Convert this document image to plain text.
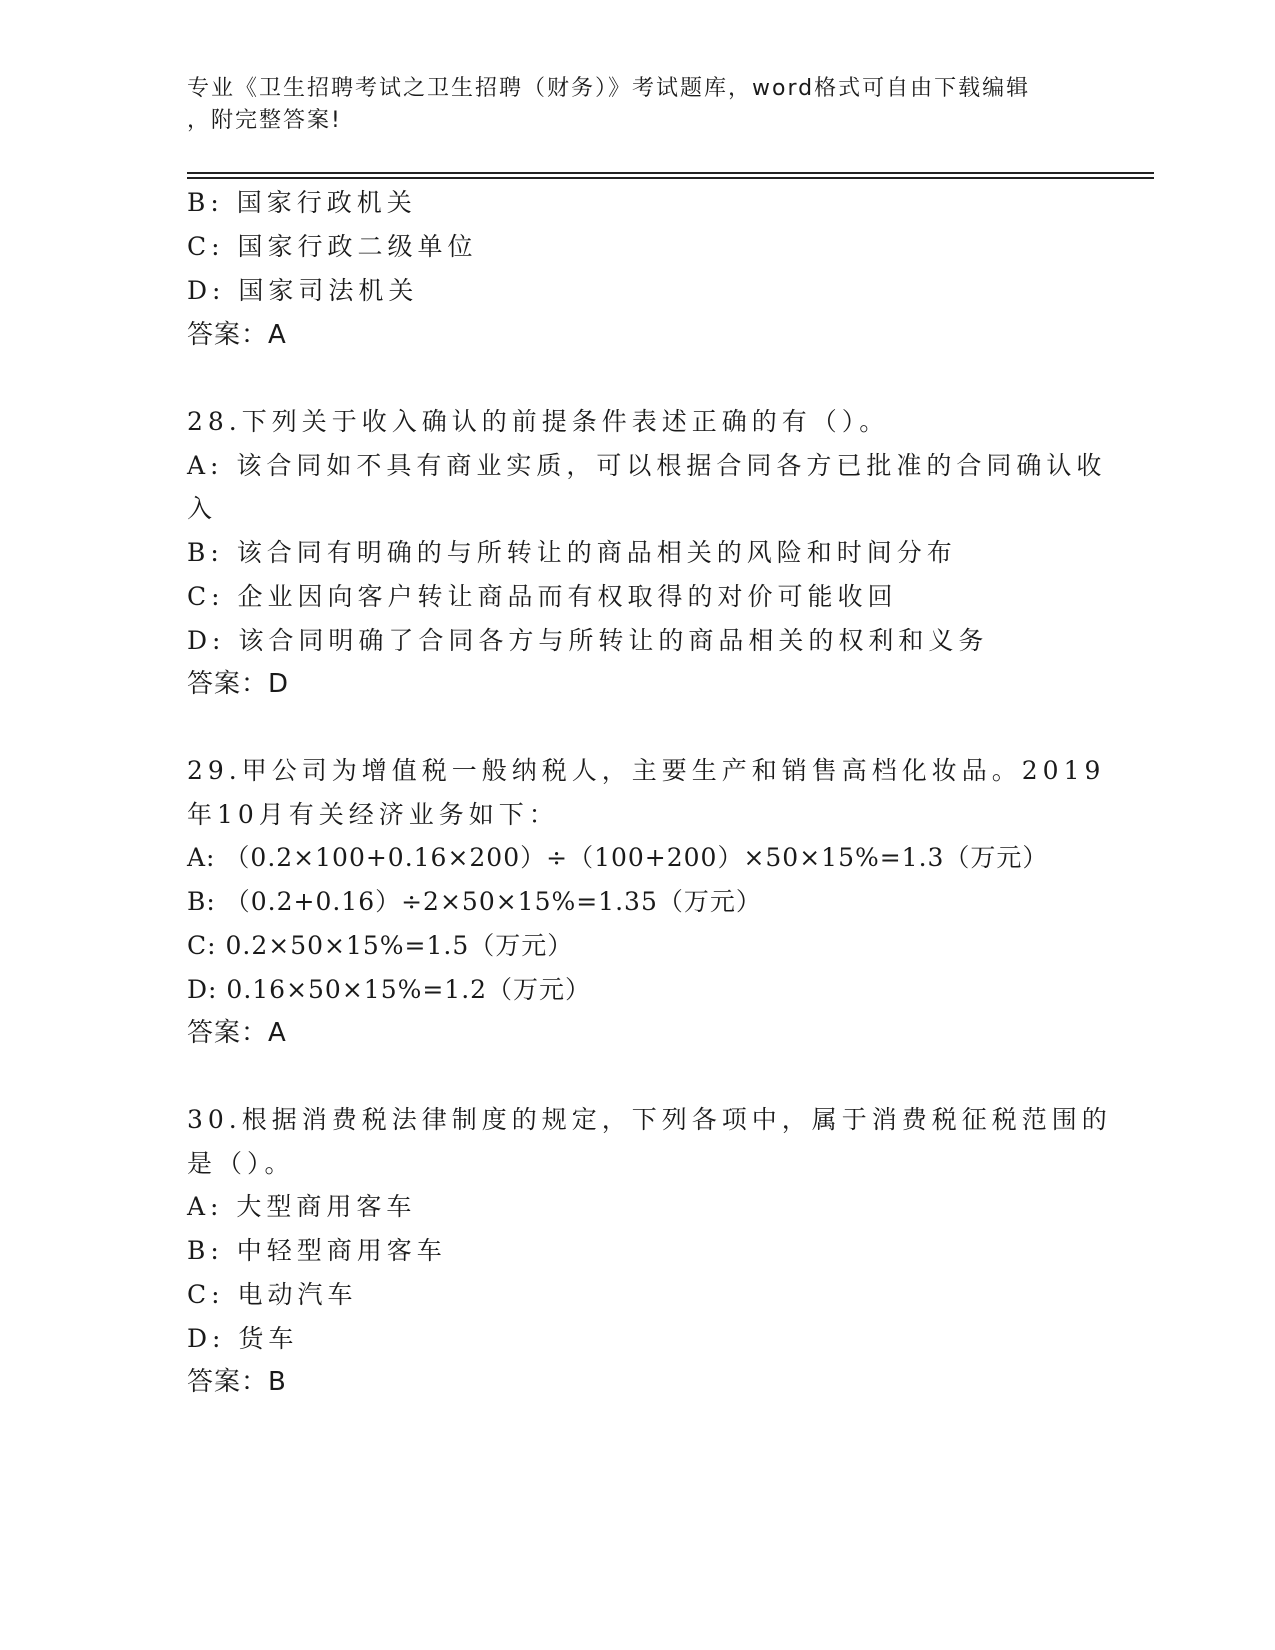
专业《卫生招聘考试之卫生招聘（财务）》考试题库，word格式可自由下载编辑
，附完整答案!
B: 国家行政机关
C: 国家行政二级单位
D: 国家司法机关
答案：A
28.下列关于收入确认的前提条件表述正确的有（）。
A: 该合同如不具有商业实质，可以根据合同各方已批准的合同确认收
入
B: 该合同有明确的与所转让的商品相关的风险和时间分布
C: 企业因向客户转让商品而有权取得的对价可能收回
D: 该合同明确了合同各方与所转让的商品相关的权利和义务
答案：D
29.甲公司为增值税一般纳税人，主要生产和销售高档化妆品。2019
年10月有关经济业务如下：
A: （0.2×100+0.16×200）÷（100+200）×50×15%=1.3（万元）
B: （0.2+0.16）÷2×50×15%=1.35（万元）
C: 0.2×50×15%=1.5（万元）
D: 0.16×50×15%=1.2（万元）
答案：A
30.根据消费税法律制度的规定，下列各项中，属于消费税征税范围的
是（）。
A: 大型商用客车
B: 中轻型商用客车
C: 电动汽车
D: 货车
答案：B
